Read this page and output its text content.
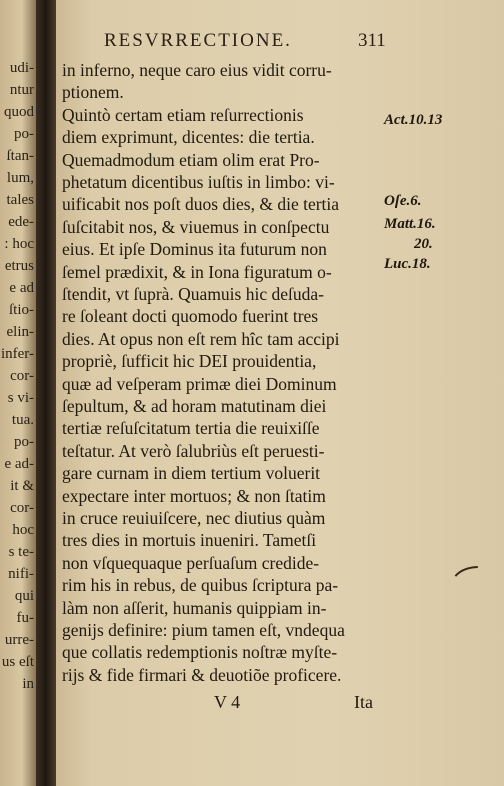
udi-
ntur
quod
po-
ſtan-
lum,
tales
ede-
: hoc
etrus
e ad
ſtio-
elin-
infer-
cor-
s vi-
tua.
po-
e ad-
it &
cor-
hoc
s te-
nifi-
qui
fu-
urre-
us eſt
in
RESVRRECTIONE.	311
in inferno, neque caro eius vidit corru-
ptionem.
Quintò certam etiam reſurrectionis
diem exprimunt, dicentes: die tertia.
Quemadmodum etiam olim erat Pro-
phetatum dicentibus iuſtis in limbo: vi-
uificabit nos poſt duos dies, & die tertia
ſuſcitabit nos, & viuemus in conſpectu
eius. Et ipſe Dominus ita futurum non
ſemel prædixit, & in Iona figuratum o-
ſtendit, vt ſuprà. Quamuis hic deſuda-
re ſoleant docti quomodo fuerint tres
dies. At opus non eſt rem hîc tam accipi
propriè, ſufficit hic DEI prouidentia,
quæ ad veſperam primæ diei Dominum
ſepultum, & ad horam matutinam diei
tertiæ reſuſcitatum tertia die reuixiſſe
teſtatur. At verò ſalubriùs eſt peruesti-
gare curnam in diem tertium voluerit
expectare inter mortuos; & non ſtatim
in cruce reuiuiſcere, nec diutius quàm
tres dies in mortuis inueniri. Tametſi
non vſquequaque perſuaſum credide-
rim his in rebus, de quibus ſcriptura pa-
làm non aſſerit, humanis quippiam in-
genijs definire: pium tamen eſt, vndequa
que collatis redemptionis noſtræ myſte-
rijs & fide firmari & deuotiõe proficere.
Act.10.13
Oſe.6.
Matt.16.
20.
Luc.18.
V 4	Ita
